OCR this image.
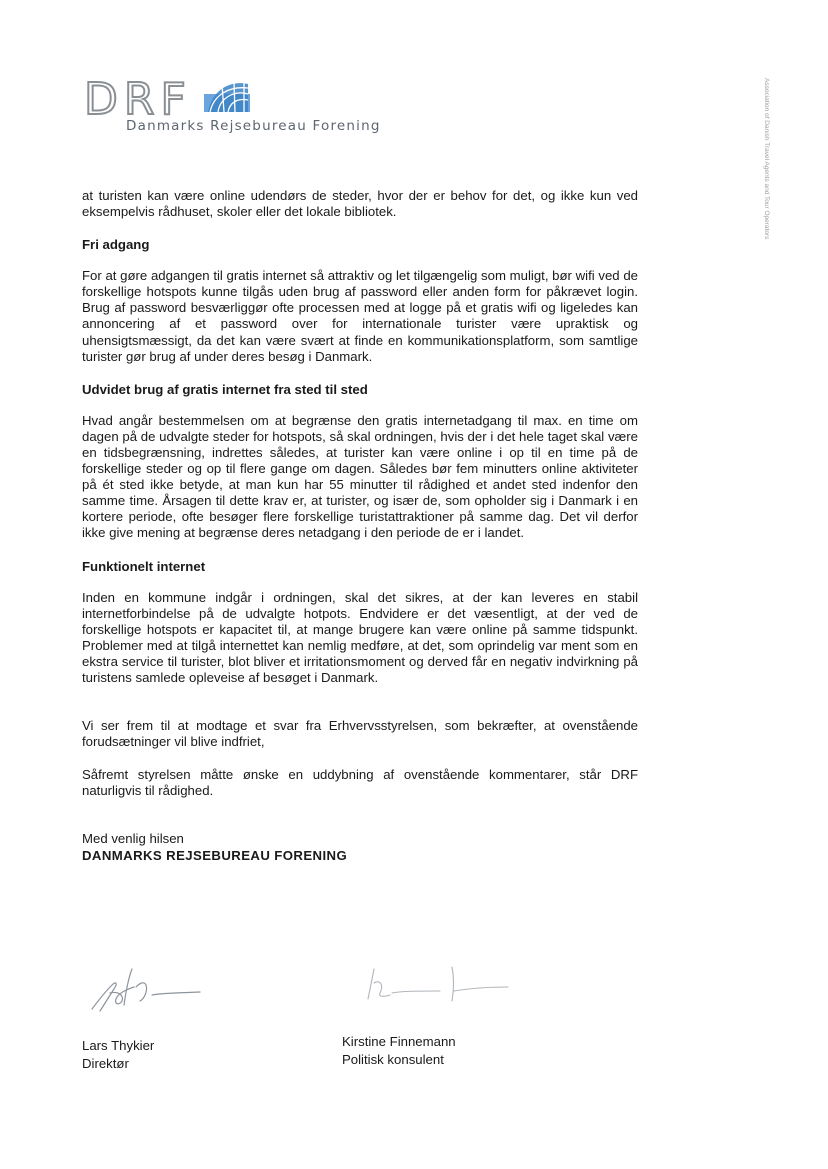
DRF
Danmarks Rejsebureau Forening	Association of Danish Travel Agents and Tour Operators

at turisten kan være online udendørs de steder, hvor der er behov for det, og ikke kun ved eksempelvis rådhuset, skoler eller det lokale bibliotek.

Fri adgang

For at gøre adgangen til gratis internet så attraktiv og let tilgængelig som muligt, bør wifi ved de forskellige hotspots kunne tilgås uden brug af password eller anden form for påkrævet login. Brug af password besværliggør ofte processen med at logge på et gratis wifi og ligeledes kan annoncering af et password over for internationale turister være upraktisk og uhensigtsmæssigt, da det kan være svært at finde en kommunikationsplatform, som samtlige turister gør brug af under deres besøg i Danmark.

Udvidet brug af gratis internet fra sted til sted

Hvad angår bestemmelsen om at begrænse den gratis internetadgang til max. en time om dagen på de udvalgte steder for hotspots, så skal ordningen, hvis der i det hele taget skal være en tidsbegrænsning, indrettes således, at turister kan være online i op til en time på de forskellige steder og op til flere gange om dagen. Således bør fem minutters online aktiviteter på ét sted ikke betyde, at man kun har 55 minutter til rådighed et andet sted indenfor den samme time. Årsagen til dette krav er, at turister, og især de, som opholder sig i Danmark i en kortere periode, ofte besøger flere forskellige turistattraktioner på samme dag. Det vil derfor ikke give mening at begrænse deres netadgang i den periode de er i landet.

Funktionelt internet

Inden en kommune indgår i ordningen, skal det sikres, at der kan leveres en stabil internetforbindelse på de udvalgte hotpots. Endvidere er det væsentligt, at der ved de forskellige hotspots er kapacitet til, at mange brugere kan være online på samme tidspunkt. Problemer med at tilgå internettet kan nemlig medføre, at det, som oprindelig var ment som en ekstra service til turister, blot bliver et irritationsmoment og derved får en negativ indvirkning på turistens samlede opleveise af besøget i Danmark.

Vi ser frem til at modtage et svar fra Erhvervsstyrelsen, som bekræfter, at ovenstående forudsætninger vil blive indfriet,

Såfremt styrelsen måtte ønske en uddybning af ovenstående kommentarer, står DRF naturligvis til rådighed.

Med venlig hilsen

DANMARKS REJSEBUREAU FORENING

Lars Thykier
Direktør
Kirstine Finnemann
Politisk konsulent
